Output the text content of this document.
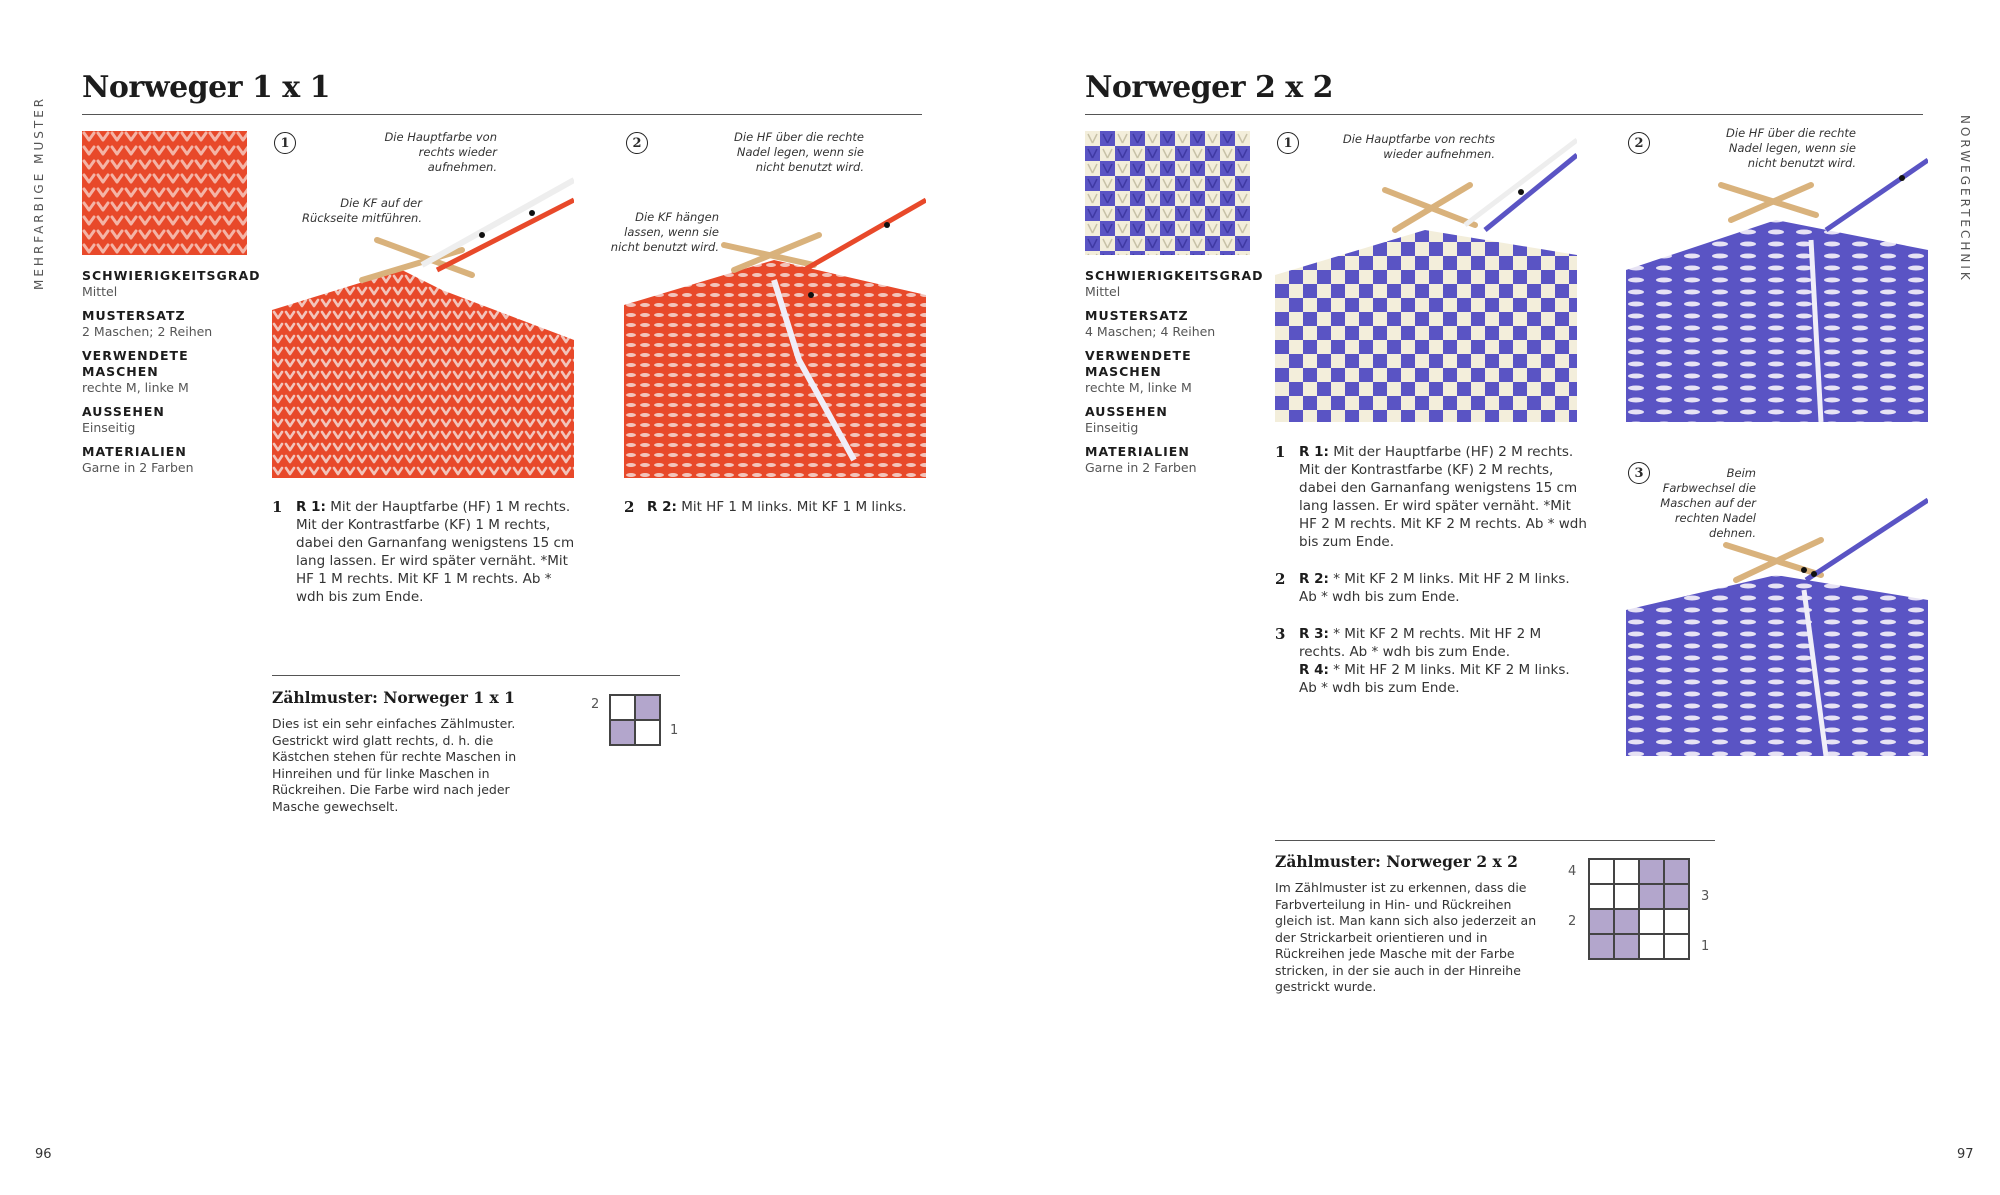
MEHRFARBIGE MUSTER
Norweger 1 x 1
SCHWIERIGKEITSGRAD
Mittel
MUSTERSATZ
2 Maschen; 2 Reihen
VERWENDETE MASCHEN
rechte M, linke M
AUSSEHEN
Einseitig
MATERIALIEN
Garne in 2 Farben
1	Die Hauptfarbe von rechts wieder aufnehmen.
Die KF auf der Rückseite mitführen.
2	Die HF über die rechte Nadel legen, wenn sie nicht benutzt wird.
Die KF hängen lassen, wenn sie nicht benutzt wird.
1 R 1: Mit der Hauptfarbe (HF) 1 M rechts. Mit der Kontrastfarbe (KF) 1 M rechts, dabei den Garnanfang wenigstens 15 cm lang lassen. Er wird später vernäht. *Mit HF 1 M rechts. Mit KF 1 M rechts. Ab * wdh bis zum Ende.
2 R 2: Mit HF 1 M links. Mit KF 1 M links.
Zählmuster: Norweger 1 x 1
Dies ist ein sehr einfaches Zählmuster. Gestrickt wird glatt rechts, d. h. die Kästchen stehen für rechte Maschen in Hinreihen und für linke Maschen in Rückreihen. Die Farbe wird nach jeder Masche gewechselt.
2
1
96
NORWEGERTECHNIK
Norweger 2 x 2
SCHWIERIGKEITSGRAD
Mittel
MUSTERSATZ
4 Maschen; 4 Reihen
VERWENDETE MASCHEN
rechte M, linke M
AUSSEHEN
Einseitig
MATERIALIEN
Garne in 2 Farben
1	Die Hauptfarbe von rechts wieder aufnehmen.
2
Die HF über die rechte Nadel legen, wenn sie nicht benutzt wird.
3	Beim Farbwechsel die Maschen auf der rechten Nadel dehnen.
1 R 1: Mit der Hauptfarbe (HF) 2 M rechts. Mit der Kontrastfarbe (KF) 2 M rechts, dabei den Garnanfang wenigstens 15 cm lang lassen. Er wird später vernäht. *Mit HF 2 M rechts. Mit KF 2 M rechts. Ab * wdh bis zum Ende.
2 R 2: * Mit KF 2 M links. Mit HF 2 M links. Ab * wdh bis zum Ende.
3 R 3: * Mit KF 2 M rechts. Mit HF 2 M rechts. Ab * wdh bis zum Ende.
R 4: * Mit HF 2 M links. Mit KF 2 M links. Ab * wdh bis zum Ende.
Zählmuster: Norweger 2 x 2
Im Zählmuster ist zu erkennen, dass die Farbverteilung in Hin- und Rückreihen gleich ist. Man kann sich also jederzeit an der Strickarbeit orientieren und in Rückreihen jede Masche mit der Farbe stricken, in der sie auch in der Hinreihe gestrickt wurde.
4
3
2
1
97
